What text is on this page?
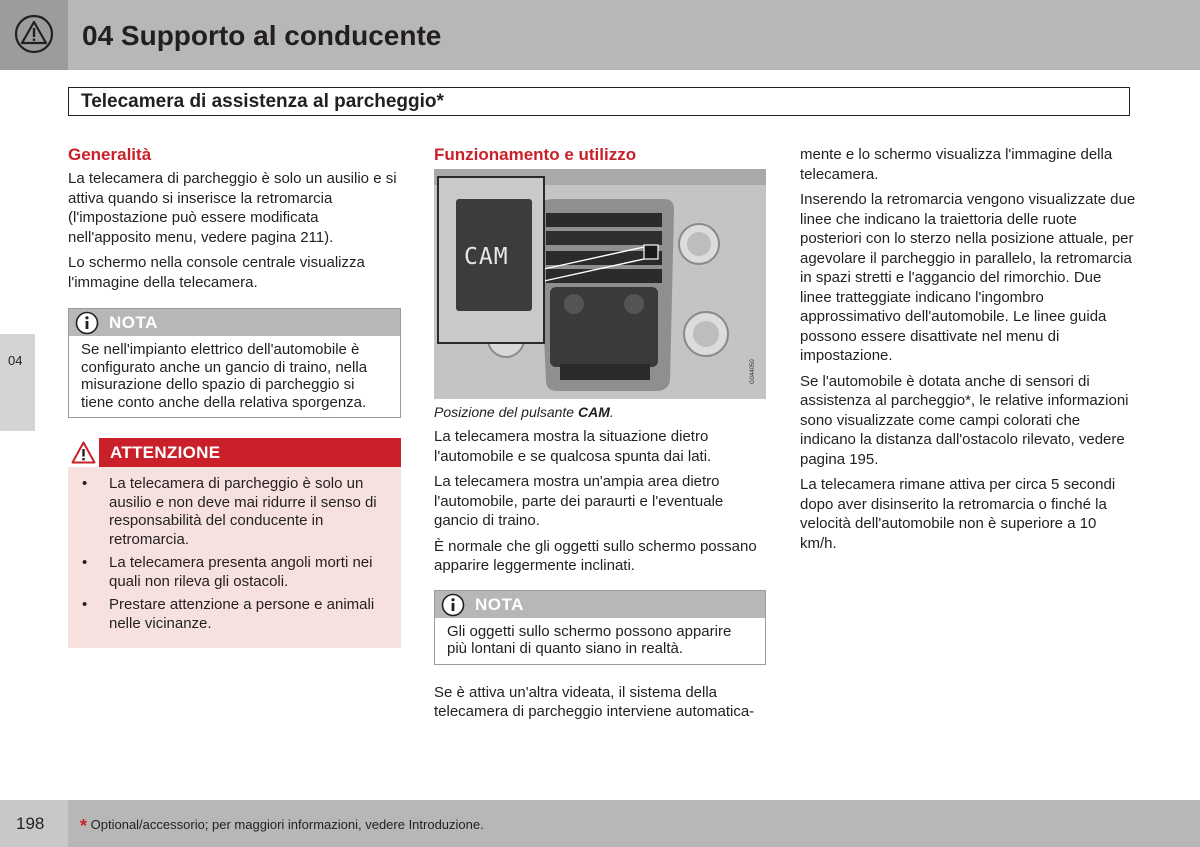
04 Supporto al conducente
Telecamera di assistenza al parcheggio*
04
Generalità

La telecamera di parcheggio è solo un ausilio e si attiva quando si inserisce la retromarcia (l'impostazione può essere modificata nell'apposito menu, vedere pagina 211).

Lo schermo nella console centrale visualizza l'immagine della telecamera.

NOTA
Se nell'impianto elettrico dell'automobile è configurato anche un gancio di traino, nella misurazione dello spazio di parcheggio si tiene conto anche della relativa sporgenza.
ATTENZIONE
• La telecamera di parcheggio è solo un ausilio e non deve mai ridurre il senso di responsabilità del conducente in retromarcia.
• La telecamera presenta angoli morti nei quali non rileva gli ostacoli.
• Prestare attenzione a persone e animali nelle vicinanze.
Funzionamento e utilizzo
CAM
G044050

Posizione del pulsante CAM.

La telecamera mostra la situazione dietro l'automobile e se qualcosa spunta dai lati.

La telecamera mostra un'ampia area dietro l'automobile, parte dei paraurti e l'eventuale gancio di traino.

È normale che gli oggetti sullo schermo possano apparire leggermente inclinati.

NOTA
Gli oggetti sullo schermo possono apparire più lontani di quanto siano in realtà.

Se è attiva un'altra videata, il sistema della telecamera di parcheggio interviene automatica-

mente e lo schermo visualizza l'immagine della telecamera.

Inserendo la retromarcia vengono visualizzate due linee che indicano la traiettoria delle ruote posteriori con lo sterzo nella posizione attuale, per agevolare il parcheggio in parallelo, la retromarcia in spazi stretti e l'aggancio del rimorchio. Due linee tratteggiate indicano l'ingombro approssimativo dell'automobile. Le linee guida possono essere disattivate nel menu di impostazione.

Se l'automobile è dotata anche di sensori di assistenza al parcheggio*, le relative informazioni sono visualizzate come campi colorati che indicano la distanza dall'ostacolo rilevato, vedere pagina 195.

La telecamera rimane attiva per circa 5 secondi dopo aver disinserito la retromarcia o finché la velocità dell'automobile non è superiore a 10 km/h.

198 * Optional/accessorio; per maggiori informazioni, vedere Introduzione.
